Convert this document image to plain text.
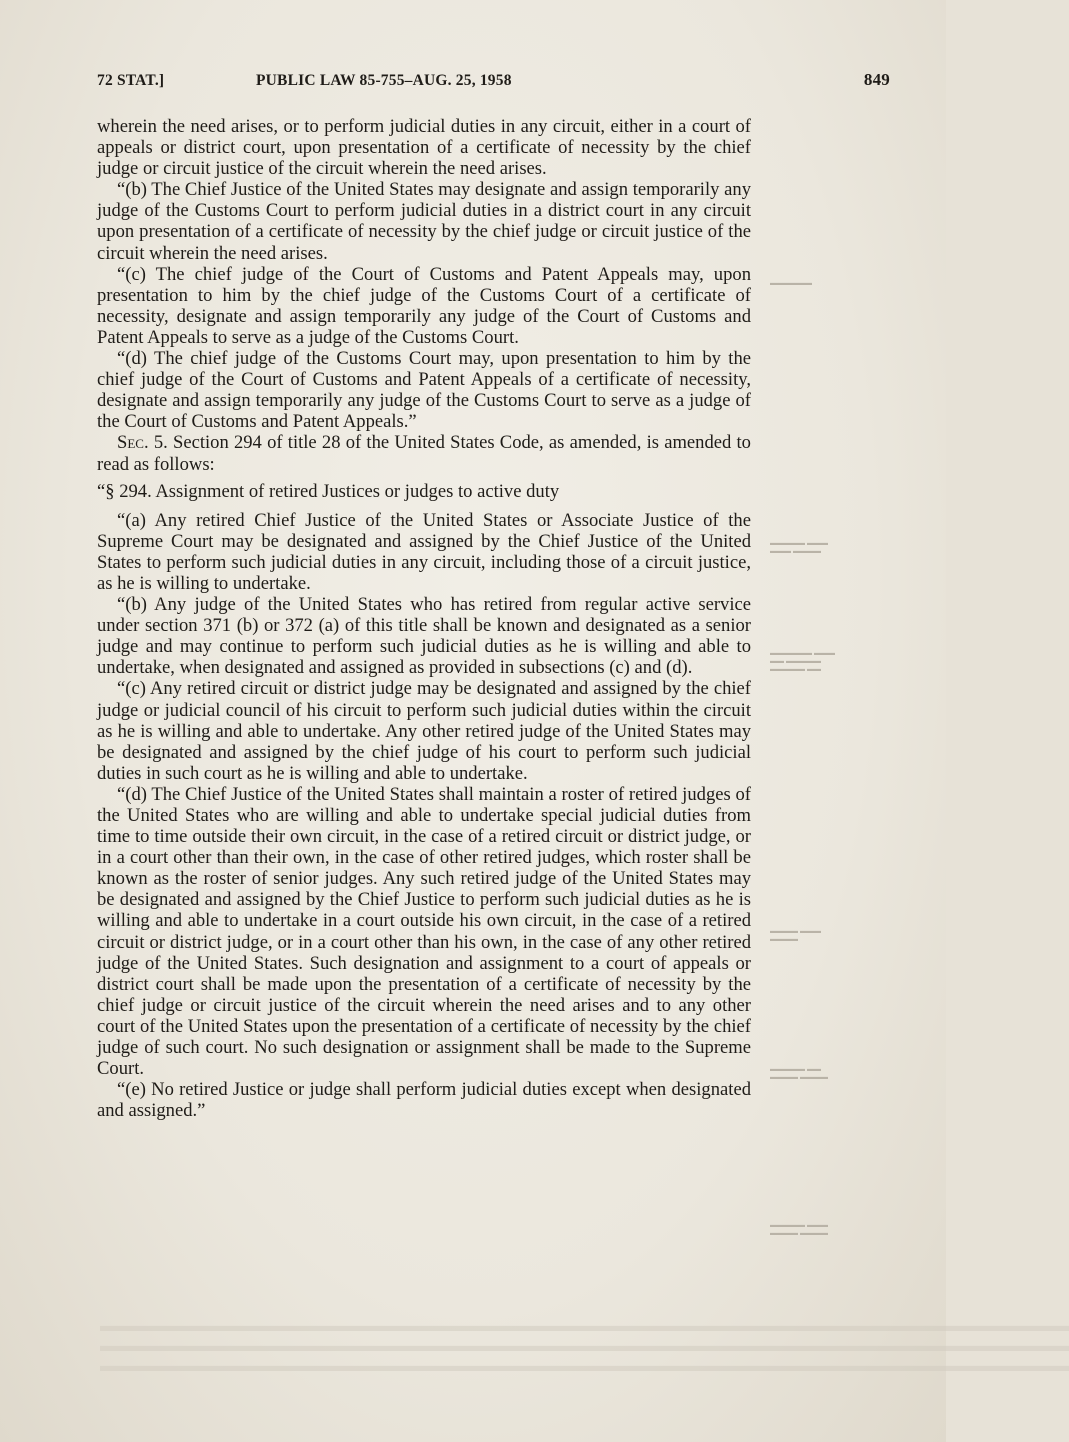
72 STAT.]	PUBLIC LAW 85-755–AUG. 25, 1958	849
▬▬▬▬▬▬
▬▬▬▬▬ ▬▬▬
▬▬▬ ▬▬▬▬
▬▬▬▬▬▬ ▬▬▬
▬▬ ▬▬▬▬▬
▬▬▬▬▬ ▬▬
▬▬▬▬ ▬▬▬
▬▬▬▬
▬▬▬▬▬ ▬▬
▬▬▬▬ ▬▬▬▬
▬▬▬▬▬ ▬▬▬
▬▬▬▬ ▬▬▬▬

wherein the need arises, or to perform judicial duties in any circuit, either in a court of appeals or district court, upon presentation of a certificate of necessity by the chief judge or circuit justice of the circuit wherein the need arises.

“(b) The Chief Justice of the United States may designate and assign temporarily any judge of the Customs Court to perform judicial duties in a district court in any circuit upon presentation of a certificate of necessity by the chief judge or circuit justice of the circuit wherein the need arises.

“(c) The chief judge of the Court of Customs and Patent Appeals may, upon presentation to him by the chief judge of the Customs Court of a certificate of necessity, designate and assign temporarily any judge of the Court of Customs and Patent Appeals to serve as a judge of the Customs Court.

“(d) The chief judge of the Customs Court may, upon presentation to him by the chief judge of the Court of Customs and Patent Appeals of a certificate of necessity, designate and assign temporarily any judge of the Customs Court to serve as a judge of the Court of Customs and Patent Appeals.”

Sec. 5. Section 294 of title 28 of the United States Code, as amended, is amended to read as follows:

“§ 294. Assignment of retired Justices or judges to active duty

“(a) Any retired Chief Justice of the United States or Associate Justice of the Supreme Court may be designated and assigned by the Chief Justice of the United States to perform such judicial duties in any circuit, including those of a circuit justice, as he is willing to undertake.

“(b) Any judge of the United States who has retired from regular active service under section 371 (b) or 372 (a) of this title shall be known and designated as a senior judge and may continue to perform such judicial duties as he is willing and able to undertake, when designated and assigned as provided in subsections (c) and (d).

“(c) Any retired circuit or district judge may be designated and assigned by the chief judge or judicial council of his circuit to perform such judicial duties within the circuit as he is willing and able to undertake. Any other retired judge of the United States may be designated and assigned by the chief judge of his court to perform such judicial duties in such court as he is willing and able to undertake.

“(d) The Chief Justice of the United States shall maintain a roster of retired judges of the United States who are willing and able to undertake special judicial duties from time to time outside their own circuit, in the case of a retired circuit or district judge, or in a court other than their own, in the case of other retired judges, which roster shall be known as the roster of senior judges. Any such retired judge of the United States may be designated and assigned by the Chief Justice to perform such judicial duties as he is willing and able to undertake in a court outside his own circuit, in the case of a retired circuit or district judge, or in a court other than his own, in the case of any other retired judge of the United States. Such designation and assignment to a court of appeals or district court shall be made upon the presentation of a certificate of necessity by the chief judge or circuit justice of the circuit wherein the need arises and to any other court of the United States upon the presentation of a certificate of necessity by the chief judge of such court. No such designation or assignment shall be made to the Supreme Court.

“(e) No retired Justice or judge shall perform judicial duties except when designated and assigned.”

▬▬▬▬▬▬▬▬▬▬▬▬▬▬▬▬▬▬▬▬▬▬▬▬▬▬▬▬▬▬▬▬▬▬▬▬▬▬▬▬▬▬▬▬▬▬▬▬▬▬▬▬▬▬▬▬▬
▬▬▬▬▬▬▬▬▬▬▬▬▬▬▬▬▬▬▬▬▬▬▬▬▬▬▬▬▬▬▬▬▬▬▬▬▬▬▬▬▬▬▬▬▬▬▬▬▬▬▬▬▬▬▬▬▬
▬▬▬▬▬▬▬▬▬▬▬▬▬▬▬▬▬▬▬▬▬▬▬▬▬▬▬▬▬▬▬▬▬▬▬▬▬▬▬▬▬▬▬▬▬▬▬▬▬▬▬▬▬▬▬▬▬
